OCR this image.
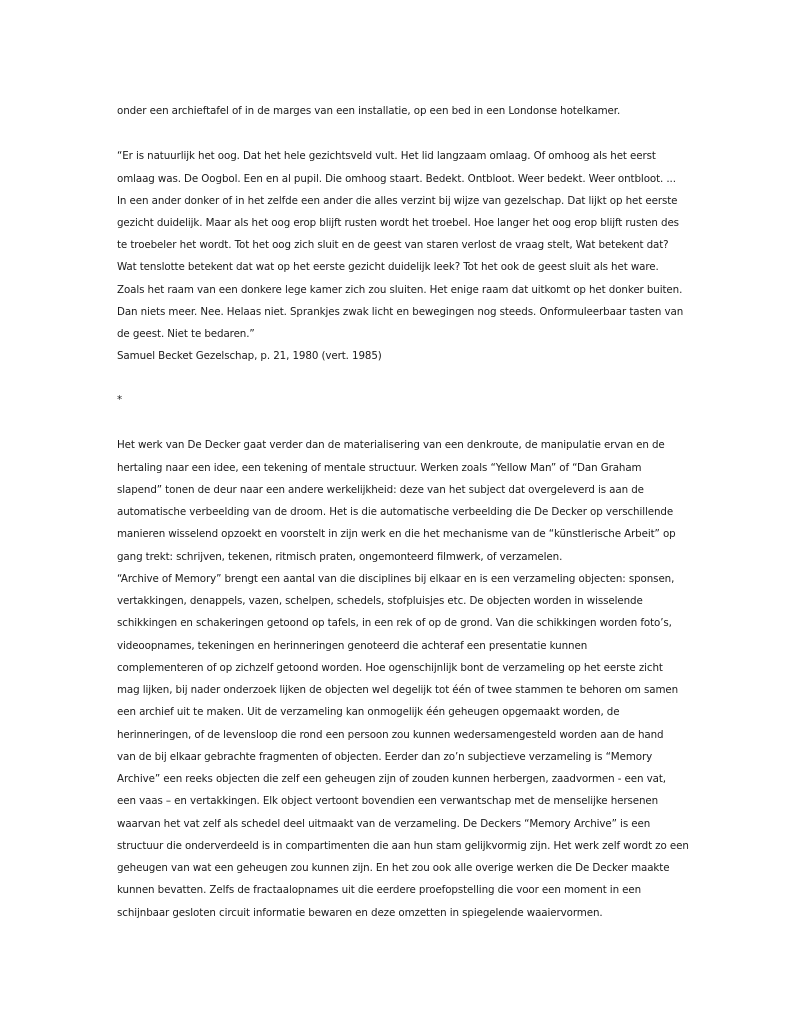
onder een archieftafel of in de marges van een installatie, op een bed in een Londonse hotelkamer.
“Er is natuurlijk het oog. Dat het hele gezichtsveld vult. Het lid langzaam omlaag. Of omhoog als het eerst
omlaag was. De Oogbol. Een en al pupil. Die omhoog staart. Bedekt. Ontbloot. Weer bedekt. Weer ontbloot. ...
In een ander donker of in het zelfde een ander die alles verzint bij wijze van gezelschap. Dat lijkt op het eerste
gezicht duidelijk. Maar als het oog erop blijft rusten wordt het troebel. Hoe langer het oog erop blijft rusten des
te troebeler het wordt. Tot het oog zich sluit en de geest van staren verlost de vraag stelt, Wat betekent dat?
Wat tenslotte betekent dat wat op het eerste gezicht duidelijk leek? Tot het ook de geest sluit als het ware.
Zoals het raam van een donkere lege kamer zich zou sluiten. Het enige raam dat uitkomt op het donker buiten.
Dan niets meer. Nee. Helaas niet. Sprankjes zwak licht en bewegingen nog steeds. Onformuleerbaar tasten van
de geest. Niet te bedaren.”
Samuel Becket Gezelschap, p. 21, 1980 (vert. 1985)
*
Het werk van De Decker gaat verder dan de materialisering van een denkroute, de manipulatie ervan en de
hertaling naar een idee, een tekening of mentale structuur. Werken zoals “Yellow Man” of “Dan Graham
slapend” tonen de deur naar een andere werkelijkheid: deze van het subject dat overgeleverd is aan de
automatische verbeelding van de droom. Het is die automatische verbeelding die De Decker op verschillende
manieren wisselend opzoekt en voorstelt in zijn werk en die het mechanisme van de “künstlerische Arbeit” op
gang trekt: schrijven, tekenen, ritmisch praten, ongemonteerd filmwerk, of verzamelen.
“Archive of Memory” brengt een aantal van die disciplines bij elkaar en is een verzameling objecten: sponsen,
vertakkingen, denappels, vazen, schelpen, schedels, stofpluisjes etc. De objecten worden in wisselende
schikkingen en schakeringen getoond op tafels, in een rek of op de grond. Van die schikkingen worden foto’s,
videoopnames, tekeningen en herinneringen genoteerd die achteraf een presentatie kunnen
complementeren of op zichzelf getoond worden. Hoe ogenschijnlijk bont de verzameling op het eerste zicht
mag lijken, bij nader onderzoek lijken de objecten wel degelijk tot één of twee stammen te behoren om samen
een archief uit te maken. Uit de verzameling kan onmogelijk één geheugen opgemaakt worden, de
herinneringen, of de levensloop die rond een persoon zou kunnen wedersamengesteld worden aan de hand
van de bij elkaar gebrachte fragmenten of objecten. Eerder dan zo’n subjectieve verzameling is “Memory
Archive” een reeks objecten die zelf een geheugen zijn of zouden kunnen herbergen, zaadvormen - een vat,
een vaas – en vertakkingen. Elk object vertoont bovendien een verwantschap met de menselijke hersenen
waarvan het vat zelf als schedel deel uitmaakt van de verzameling. De Deckers “Memory Archive” is een
structuur die onderverdeeld is in compartimenten die aan hun stam gelijkvormig zijn. Het werk zelf wordt zo een
geheugen van wat een geheugen zou kunnen zijn. En het zou ook alle overige werken die De Decker maakte
kunnen bevatten. Zelfs de fractaalopnames uit die eerdere proefopstelling die voor een moment in een
schijnbaar gesloten circuit informatie bewaren en deze omzetten in spiegelende waaiervormen.
